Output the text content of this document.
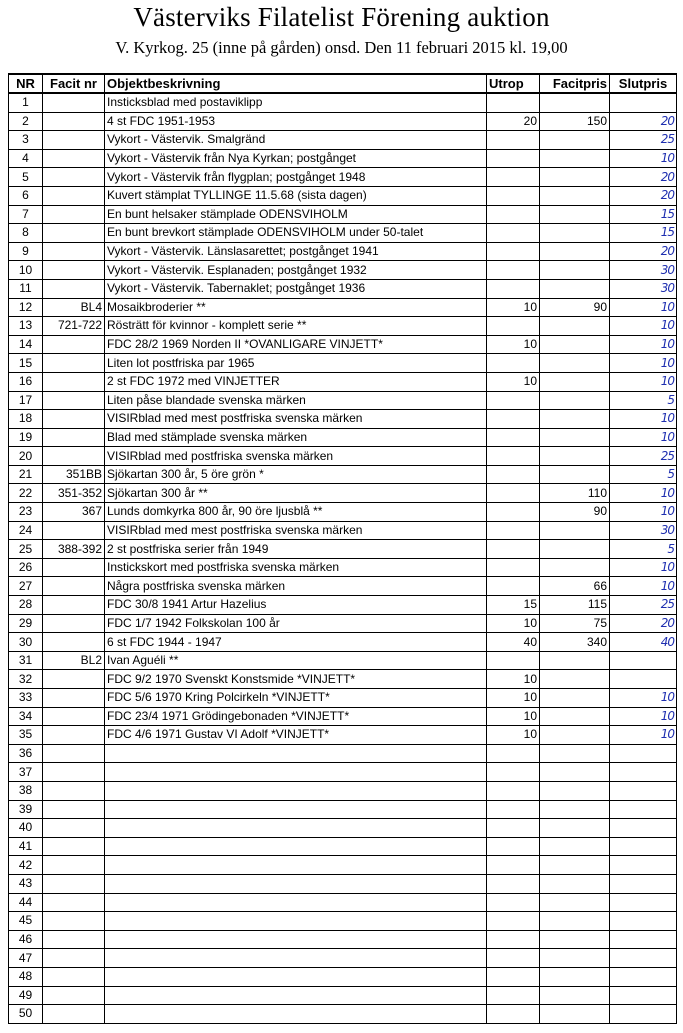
Västerviks Filatelist Förening auktion
V. Kyrkog. 25 (inne på gården) onsd. Den 11 februari 2015 kl. 19,00
NR	Facit nr	Objektbeskrivning	Utrop	Facitpris	Slutpris
1		Insticksblad med postaviklipp			
2		4 st FDC 1951-1953	20	150	20
3		Vykort - Västervik. Smalgränd			25
4		Vykort - Västervik från Nya Kyrkan; postgånget			10
5		Vykort - Västervik från flygplan; postgånget 1948			20
6		Kuvert stämplat TYLLINGE 11.5.68 (sista dagen)			20
7		En bunt helsaker stämplade ODENSVIHOLM			15
8		En bunt brevkort stämplade ODENSVIHOLM under 50-talet			15
9		Vykort - Västervik. Länslasarettet; postgånget 1941			20
10		Vykort - Västervik. Esplanaden; postgånget 1932			30
11		Vykort - Västervik. Tabernaklet; postgånget 1936			30
12	BL4	Mosaikbroderier **	10	90	10
13	721-722	Rösträtt för kvinnor - komplett serie **			10
14		FDC 28/2 1969 Norden II *OVANLIGARE VINJETT*	10		10
15		Liten lot postfriska par 1965			10
16		2 st FDC 1972 med VINJETTER	10		10
17		Liten påse blandade svenska märken			5
18		VISIRblad med mest postfriska svenska märken			10
19		Blad med stämplade svenska märken			10
20		VISIRblad med postfriska svenska märken			25
21	351BB	Sjökartan 300 år, 5 öre grön *			5
22	351-352	Sjökartan 300 år **		110	10
23	367	Lunds domkyrka 800 år, 90 öre ljusblå **		90	10
24		VISIRblad med mest postfriska svenska märken			30
25	388-392	2 st postfriska serier från 1949			5
26		Instickskort med postfriska svenska märken			10
27		Några postfriska svenska märken		66	10
28		FDC 30/8 1941 Artur Hazelius	15	115	25
29		FDC 1/7 1942 Folkskolan 100 år	10	75	20
30		6 st FDC 1944 - 1947	40	340	40
31	BL2	Ivan Aguéli **			
32		FDC 9/2 1970 Svenskt Konstsmide *VINJETT*	10		
33		FDC 5/6 1970 Kring Polcirkeln *VINJETT*	10		10
34		FDC 23/4 1971 Grödingebonaden *VINJETT*	10		10
35		FDC 4/6 1971 Gustav VI Adolf *VINJETT*	10		10
36					
37					
38					
39					
40					
41					
42					
43					
44					
45					
46					
47					
48					
49					
50					
